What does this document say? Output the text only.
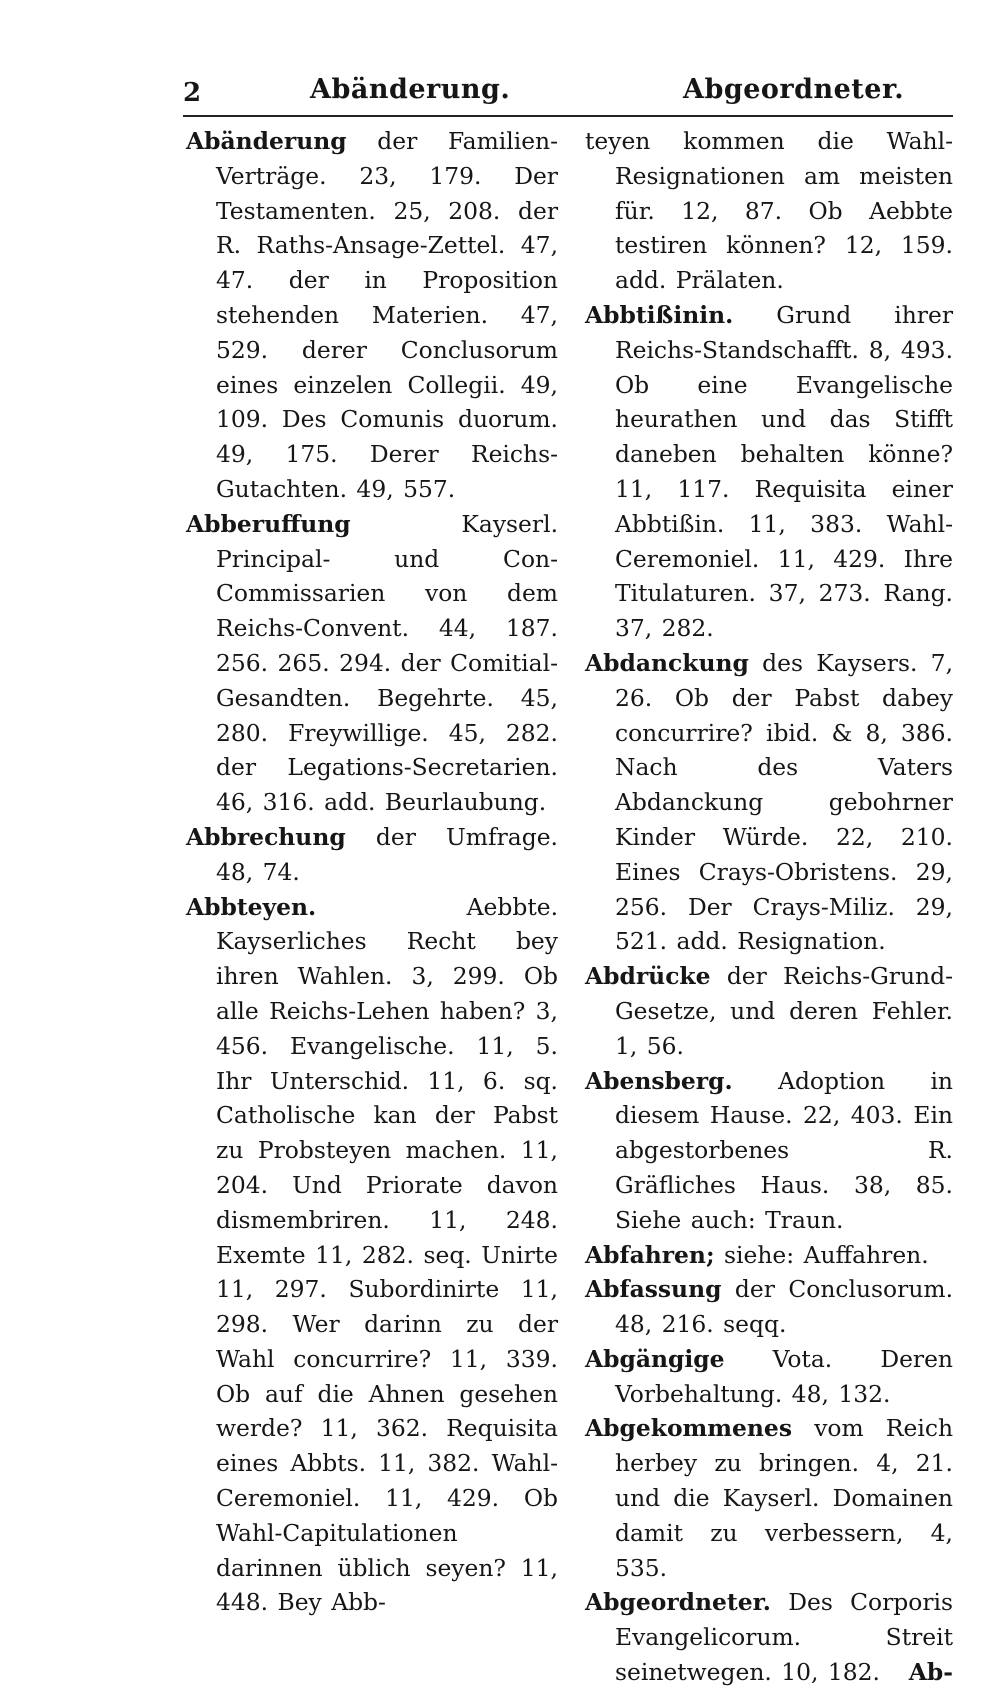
2	Abänderung.	Abgeordneter.

Abänderung der Familien-Verträge. 23, 179. Der Testamenten. 25, 208. der R. Raths-Ansage-Zettel. 47, 47. der in Proposition stehenden Materien. 47, 529. derer Conclusorum eines einzelen Collegii. 49, 109. Des Comunis duorum. 49, 175. Derer Reichs-Gutachten. 49, 557.

Abberuffung	Kayserl. Principal- und Con-Commissarien von dem Reichs-Convent. 44, 187. 256. 265. 294. der Comitial-Gesandten. Begehrte. 45, 280. Freywillige. 45, 282. der Legations-Secretarien. 46, 316. add. Beurlaubung.

Abbrechung der Umfrage. 48, 74.

Abbteyen.	Aebbte. Kayserliches Recht bey ihren Wahlen. 3, 299. Ob alle Reichs-Lehen haben? 3, 456. Evangelische. 11, 5. Ihr Unterschid. 11, 6. sq. Catholische kan der Pabst zu Probsteyen machen. 11, 204. Und Priorate davon dismembriren. 11, 248. Exemte 11, 282. seq. Unirte 11, 297. Subordinirte 11, 298. Wer darinn zu der Wahl concurrire? 11, 339. Ob auf die Ahnen gesehen werde? 11, 362. Requisita eines Abbts. 11, 382. Wahl-Ceremoniel. 11, 429. Ob Wahl-Capitulationen darinnen üblich seyen? 11, 448. Bey Abb-

teyen kommen die Wahl-Resignationen am meisten für. 12, 87. Ob Aebbte testiren können? 12, 159. add. Prälaten.

Abbtißinin. Grund ihrer Reichs-Standschafft. 8, 493. Ob eine Evangelische heurathen und das Stifft daneben behalten könne? 11, 117. Requisita einer Abbtißin. 11, 383. Wahl-Ceremoniel. 11, 429. Ihre Titulaturen. 37, 273. Rang. 37, 282.

Abdanckung des Kaysers. 7, 26. Ob der Pabst dabey concurrire? ibid. & 8, 386. Nach des Vaters Abdanckung gebohrner Kinder Würde. 22, 210. Eines Crays-Obristens. 29, 256. Der Crays-Miliz. 29, 521. add. Resignation.

Abdrücke der Reichs-Grund-Gesetze, und deren Fehler. 1, 56.

Abensberg. Adoption in diesem Hause. 22, 403. Ein abgestorbenes R. Gräfliches Haus. 38, 85. Siehe auch: Traun.

Abfahren; siehe: Auffahren.

Abfassung der Conclusorum. 48, 216. seqq.

Abgängige Vota. Deren Vorbehaltung. 48, 132.

Abgekommenes vom Reich herbey zu bringen. 4, 21. und die Kayserl. Domainen damit zu verbessern, 4, 535.

Abgeordneter. Des Corporis Evangelicorum. Streit seinetwegen. 10, 182. Ab-
